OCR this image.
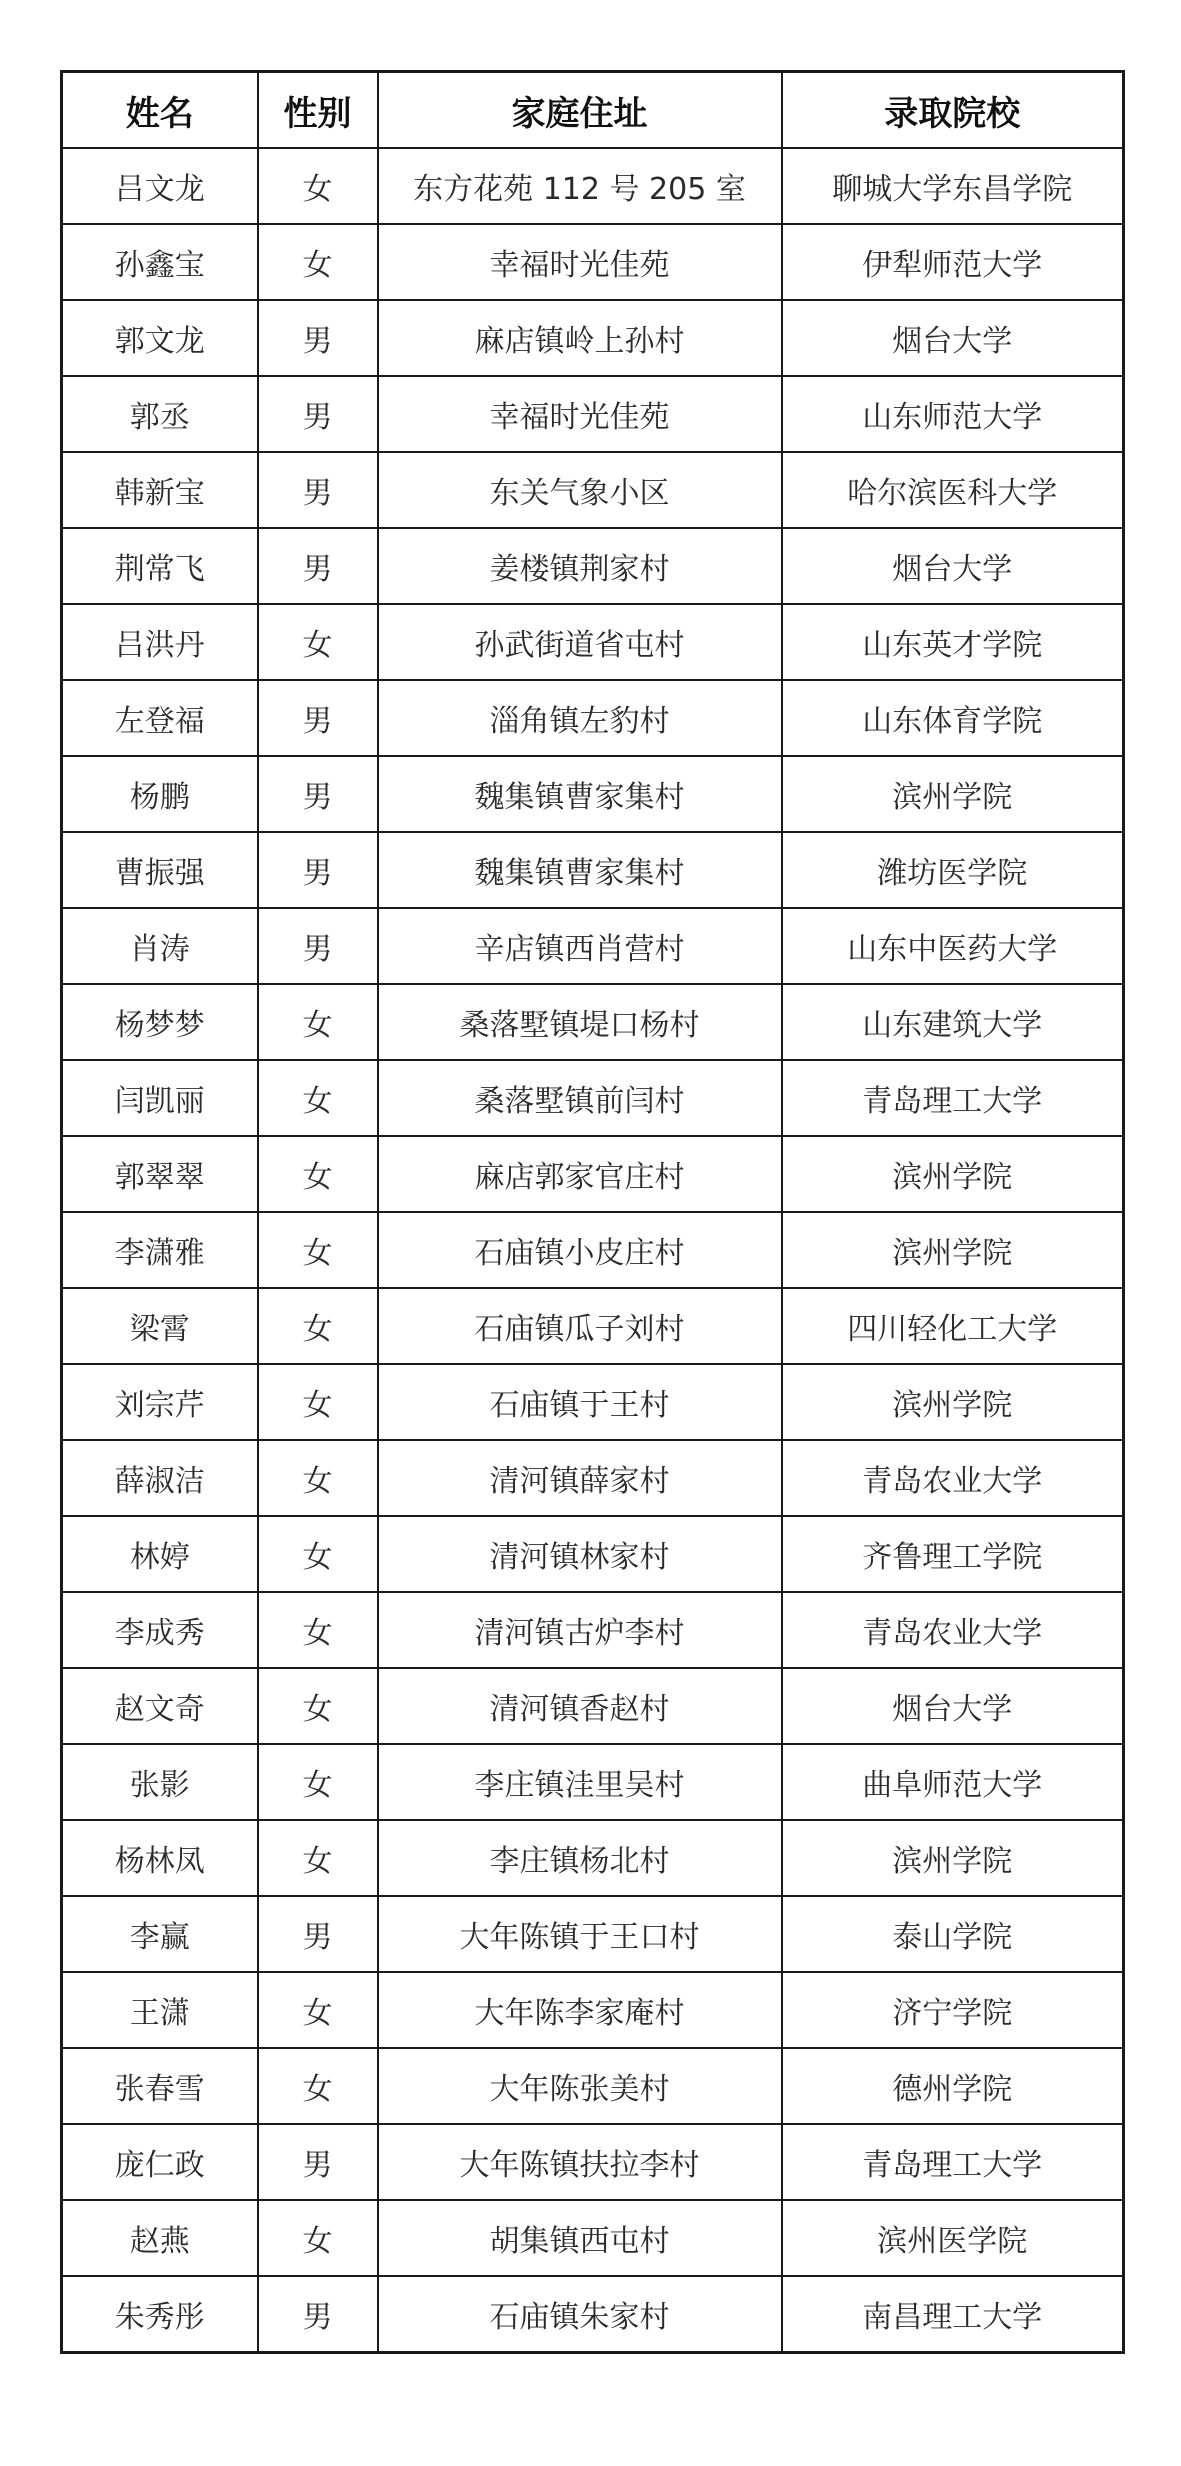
姓名	性别	家庭住址	录取院校
吕文龙	女	东方花苑 112 号 205 室	聊城大学东昌学院
孙鑫宝	女	幸福时光佳苑	伊犁师范大学
郭文龙	男	麻店镇岭上孙村	烟台大学
郭丞	男	幸福时光佳苑	山东师范大学
韩新宝	男	东关气象小区	哈尔滨医科大学
荆常飞	男	姜楼镇荆家村	烟台大学
吕洪丹	女	孙武街道省屯村	山东英才学院
左登福	男	淄角镇左豹村	山东体育学院
杨鹏	男	魏集镇曹家集村	滨州学院
曹振强	男	魏集镇曹家集村	潍坊医学院
肖涛	男	辛店镇西肖营村	山东中医药大学
杨梦梦	女	桑落墅镇堤口杨村	山东建筑大学
闫凯丽	女	桑落墅镇前闫村	青岛理工大学
郭翠翠	女	麻店郭家官庄村	滨州学院
李潇雅	女	石庙镇小皮庄村	滨州学院
梁霄	女	石庙镇瓜子刘村	四川轻化工大学
刘宗芹	女	石庙镇于王村	滨州学院
薛淑洁	女	清河镇薛家村	青岛农业大学
林婷	女	清河镇林家村	齐鲁理工学院
李成秀	女	清河镇古炉李村	青岛农业大学
赵文奇	女	清河镇香赵村	烟台大学
张影	女	李庄镇洼里吴村	曲阜师范大学
杨林凤	女	李庄镇杨北村	滨州学院
李赢	男	大年陈镇于王口村	泰山学院
王潇	女	大年陈李家庵村	济宁学院
张春雪	女	大年陈张美村	德州学院
庞仁政	男	大年陈镇扶拉李村	青岛理工大学
赵燕	女	胡集镇西屯村	滨州医学院
朱秀彤	男	石庙镇朱家村	南昌理工大学
